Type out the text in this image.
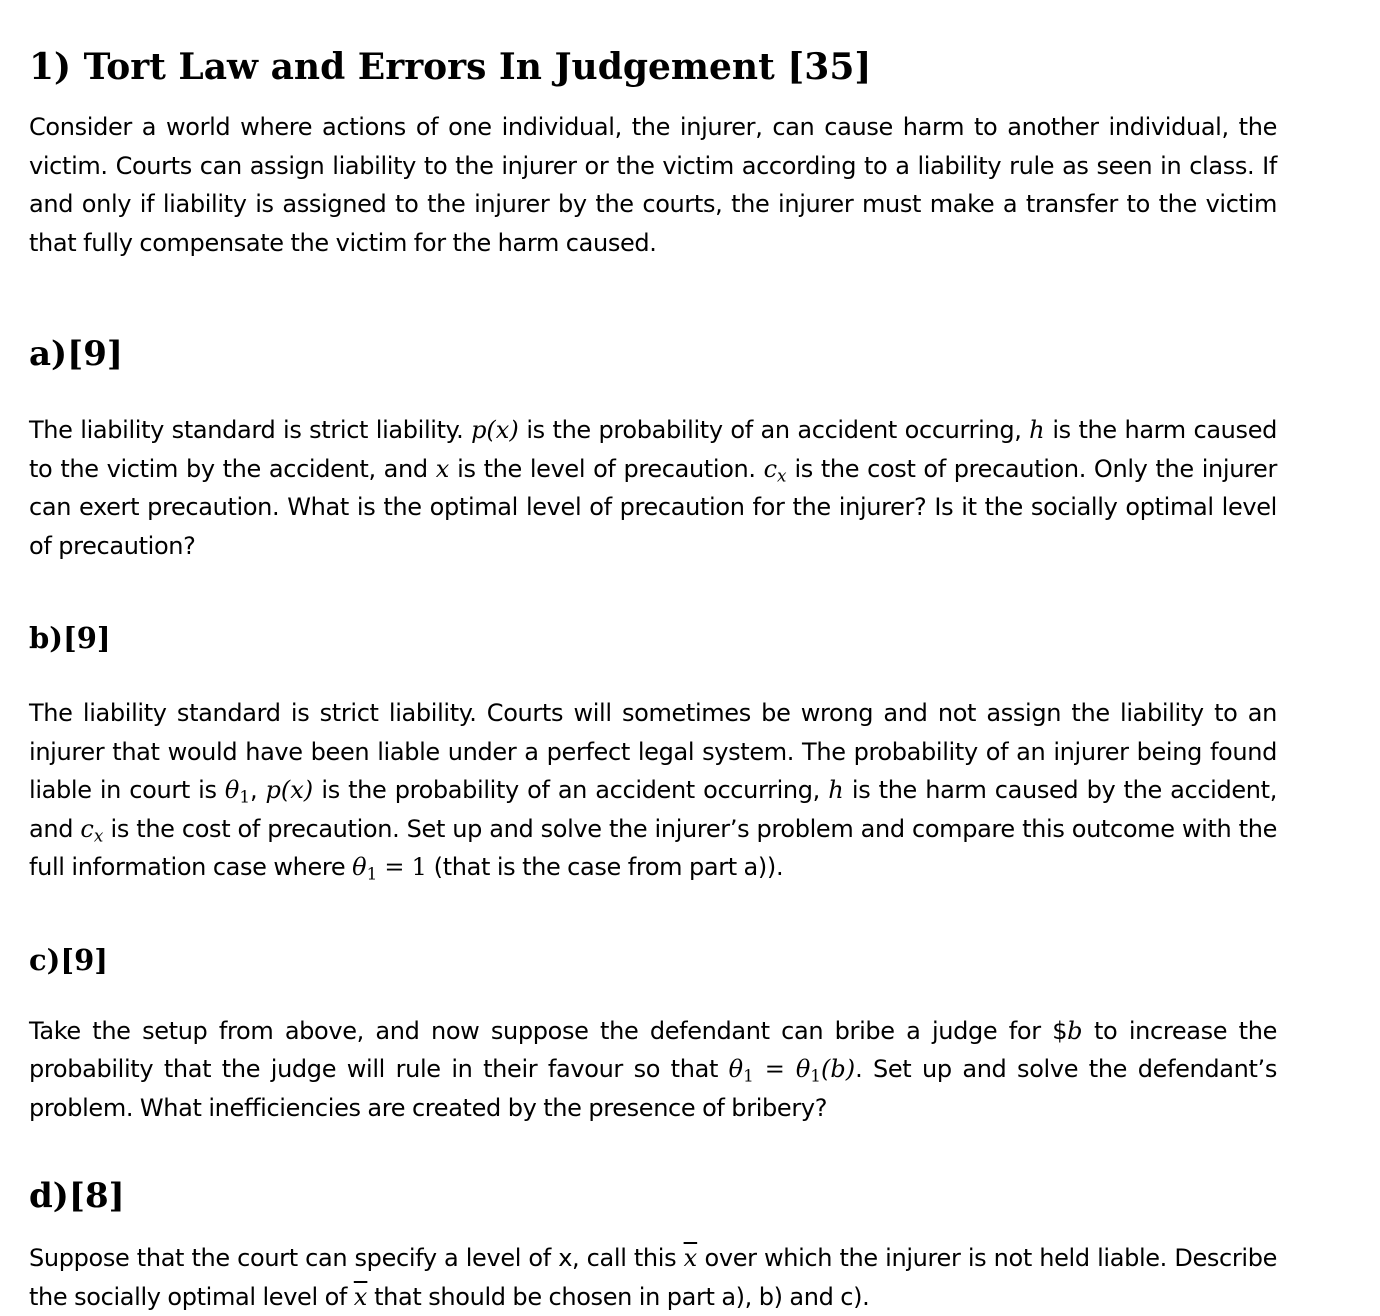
1) Tort Law and Errors In Judgement [35]

Consider a world where actions of one individual, the injurer, can cause harm to another individual, the victim. Courts can assign liability to the injurer or the victim according to a liability rule as seen in class. If and only if liability is assigned to the injurer by the courts, the injurer must make a transfer to the victim that fully compensate the victim for the harm caused.

a)[9]

The liability standard is strict liability. p(x) is the probability of an accident occurring, h is the harm caused to the victim by the accident, and x is the level of precaution. $c_x$ is the cost of precaution. Only the injurer can exert precaution. What is the optimal level of precaution for the injurer? Is it the socially optimal level of precaution?

b)[9]

The liability standard is strict liability. Courts will sometimes be wrong and not assign the liability to an injurer that would have been liable under a perfect legal system. The probability of an injurer being found liable in court is $\theta_1$, p(x) is the probability of an accident occurring, h is the harm caused by the accident, and $c_x$ is the cost of precaution. Set up and solve the injurer’s problem and compare this outcome with the full information case where $\theta_1 = 1$ (that is the case from part a)).

c)[9]

Take the setup from above, and now suppose the defendant can bribe a judge for $b to increase the probability that the judge will rule in their favour so that $\theta_1 = \theta_1(b)$. Set up and solve the defendant’s problem. What inefficiencies are created by the presence of bribery?

d)[8]

Suppose that the court can specify a level of x, call this $\overline{x}$ over which the injurer is not held liable. Describe the socially optimal level of $\overline{x}$ that should be chosen in part a), b) and c).
